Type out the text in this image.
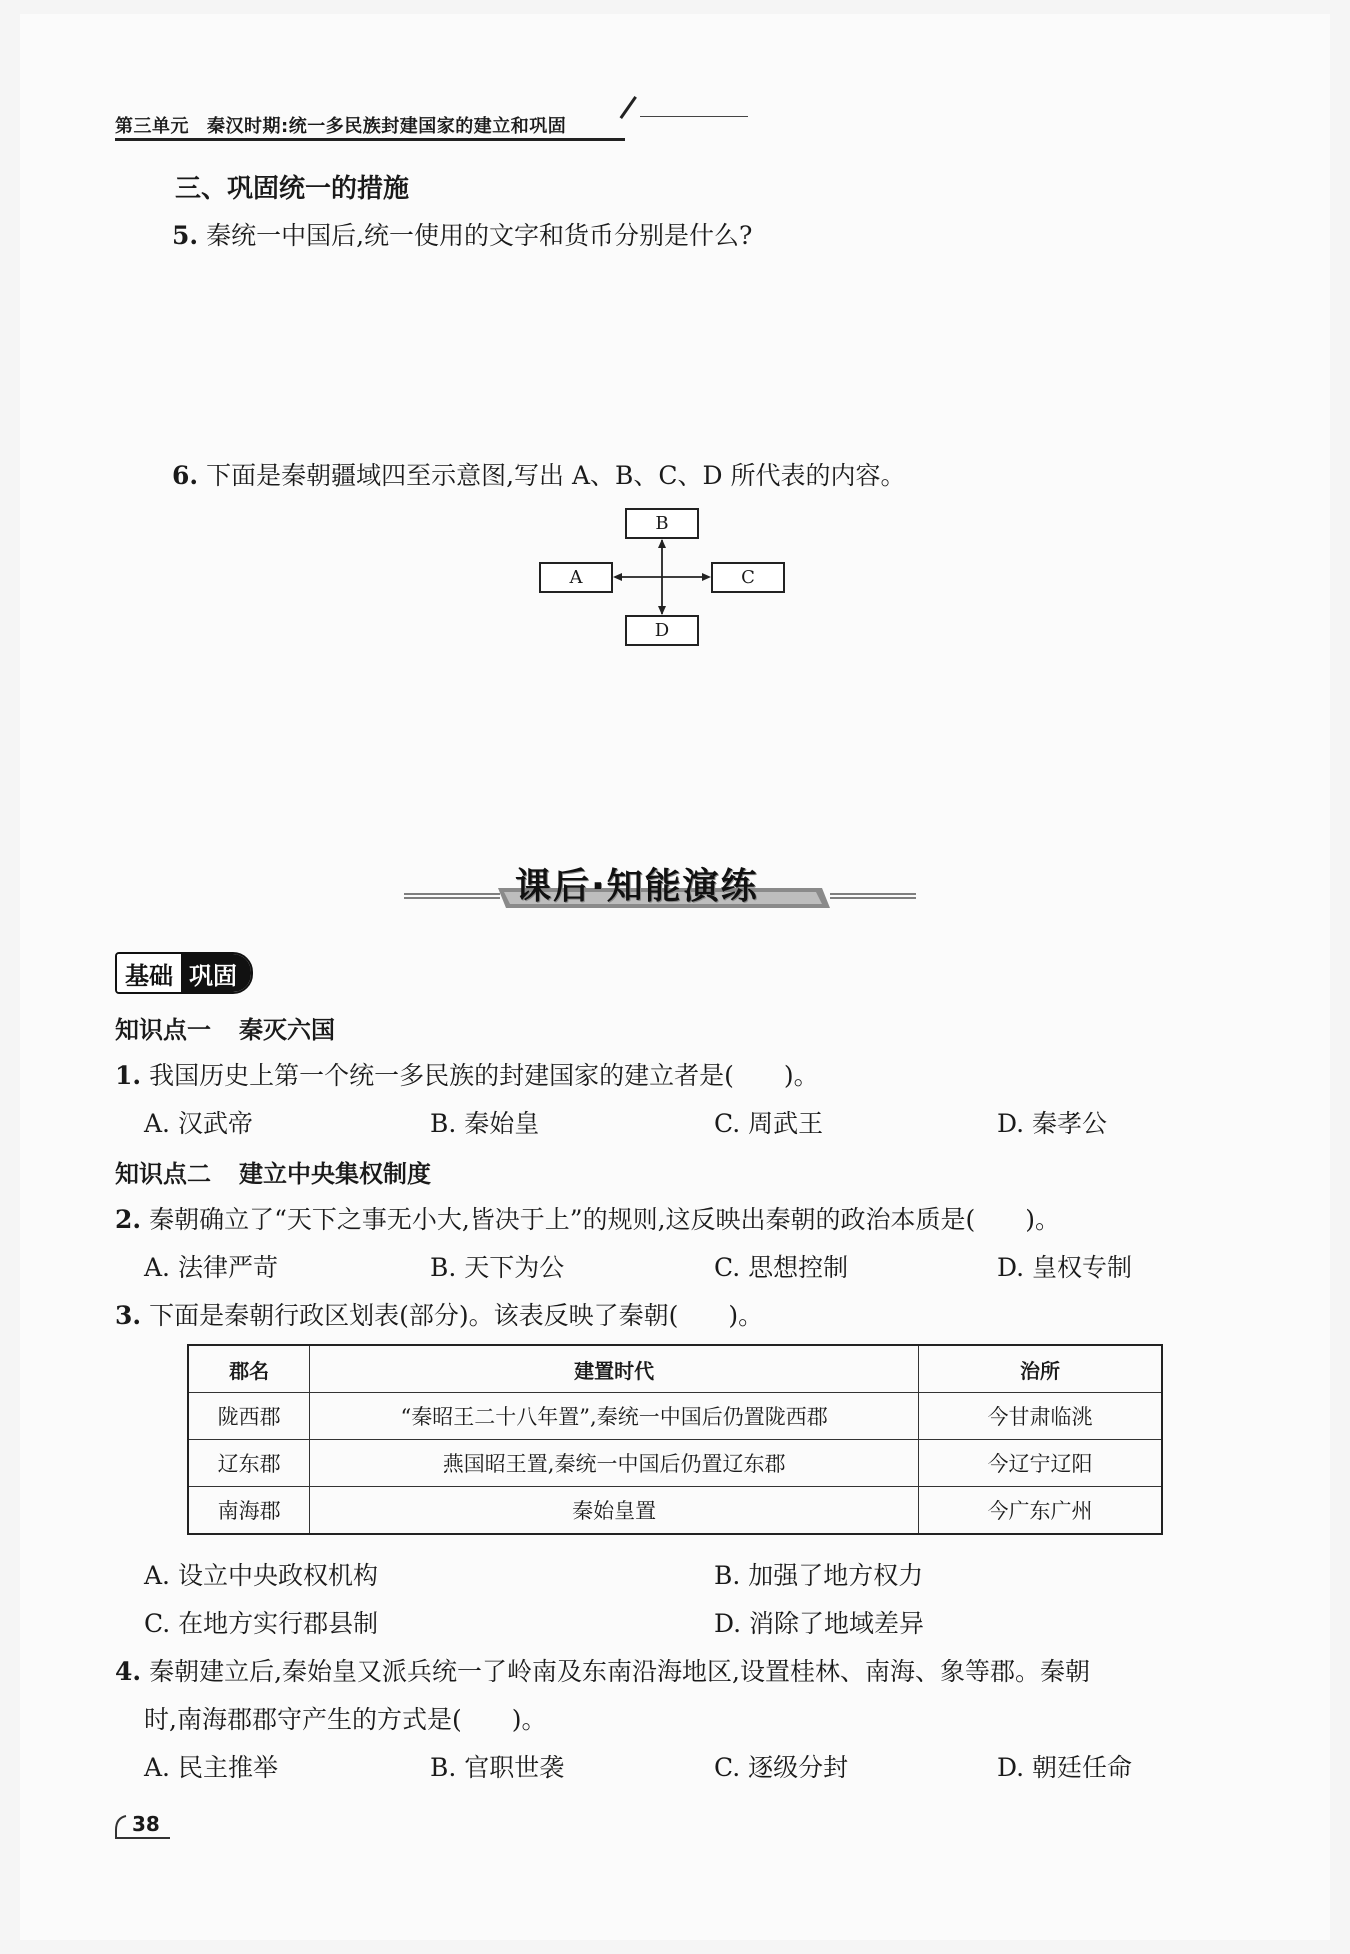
第三单元 秦汉时期:统一多民族封建国家的建立和巩固
三、巩固统一的措施
5. 秦统一中国后,统一使用的文字和货币分别是什么?
6. 下面是秦朝疆域四至示意图,写出 A、B、C、D 所代表的内容。
B
A	C
D
课后·知能演练
基础 巩固
知识点一 秦灭六国
1. 我国历史上第一个统一多民族的封建国家的建立者是(　　)。
A. 汉武帝	B. 秦始皇	C. 周武王	D. 秦孝公
知识点二 建立中央集权制度
2. 秦朝确立了“天下之事无小大,皆决于上”的规则,这反映出秦朝的政治本质是(　　)。
A. 法律严苛	B. 天下为公	C. 思想控制	D. 皇权专制
3. 下面是秦朝行政区划表(部分)。该表反映了秦朝(　　)。
郡名	建置时代	治所
陇西郡	“秦昭王二十八年置”,秦统一中国后仍置陇西郡	今甘肃临洮
辽东郡	燕国昭王置,秦统一中国后仍置辽东郡	今辽宁辽阳
南海郡	秦始皇置	今广东广州
A. 设立中央政权机构	B. 加强了地方权力
C. 在地方实行郡县制	D. 消除了地域差异
4. 秦朝建立后,秦始皇又派兵统一了岭南及东南沿海地区,设置桂林、南海、象等郡。秦朝
时,南海郡郡守产生的方式是(　　)。
A. 民主推举	B. 官职世袭	C. 逐级分封	D. 朝廷任命
38
